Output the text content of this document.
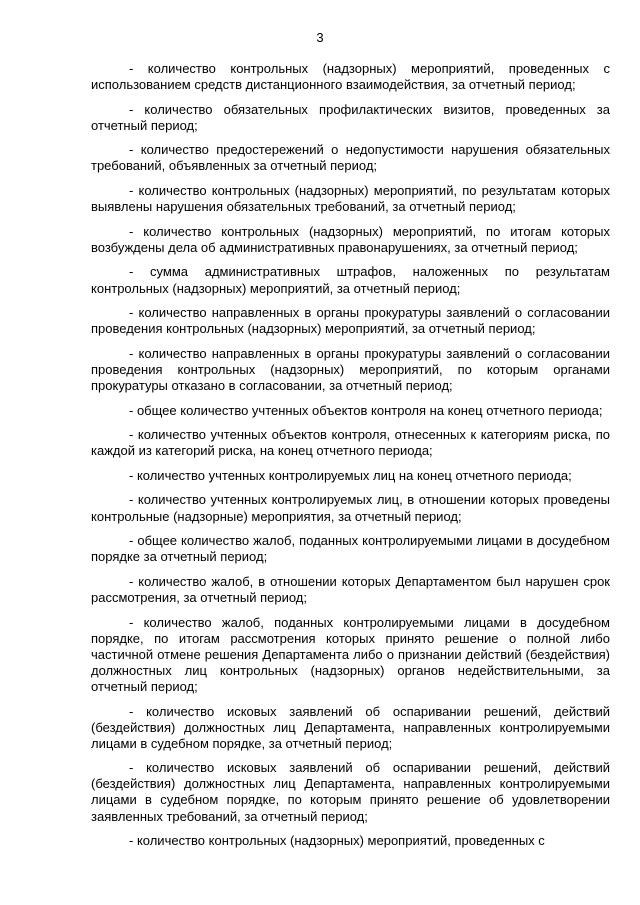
3

- количество контрольных (надзорных) мероприятий, проведенных с использованием средств дистанционного взаимодействия, за отчетный период;

- количество обязательных профилактических визитов, проведенных за отчетный период;

- количество предостережений о недопустимости нарушения обязательных требований, объявленных за отчетный период;

- количество контрольных (надзорных) мероприятий, по результатам которых выявлены нарушения обязательных требований, за отчетный период;

- количество контрольных (надзорных) мероприятий, по итогам которых возбуждены дела об административных правонарушениях, за отчетный период;

- сумма административных штрафов, наложенных по результатам контрольных (надзорных) мероприятий, за отчетный период;

- количество направленных в органы прокуратуры заявлений о согласовании проведения контрольных (надзорных) мероприятий, за отчетный период;

- количество направленных в органы прокуратуры заявлений о согласовании проведения контрольных (надзорных) мероприятий, по которым органами прокуратуры отказано в согласовании, за отчетный период;

- общее количество учтенных объектов контроля на конец отчетного периода;

- количество учтенных объектов контроля, отнесенных к категориям риска, по каждой из категорий риска, на конец отчетного периода;

- количество учтенных контролируемых лиц на конец отчетного периода;

- количество учтенных контролируемых лиц, в отношении которых проведены контрольные (надзорные) мероприятия, за отчетный период;

- общее количество жалоб, поданных контролируемыми лицами в досудебном порядке за отчетный период;

- количество жалоб, в отношении которых Департаментом был нарушен срок рассмотрения, за отчетный период;

- количество жалоб, поданных контролируемыми лицами в досудебном порядке, по итогам рассмотрения которых принято решение о полной либо частичной отмене решения Департамента либо о признании действий (бездействия) должностных лиц контрольных (надзорных) органов недействительными, за отчетный период;

- количество исковых заявлений об оспаривании решений, действий (бездействия) должностных лиц Департамента, направленных контролируемыми лицами в судебном порядке, за отчетный период;

- количество исковых заявлений об оспаривании решений, действий (бездействия) должностных лиц Департамента, направленных контролируемыми лицами в судебном порядке, по которым принято решение об удовлетворении заявленных требований, за отчетный период;

- количество контрольных (надзорных) мероприятий, проведенных с
